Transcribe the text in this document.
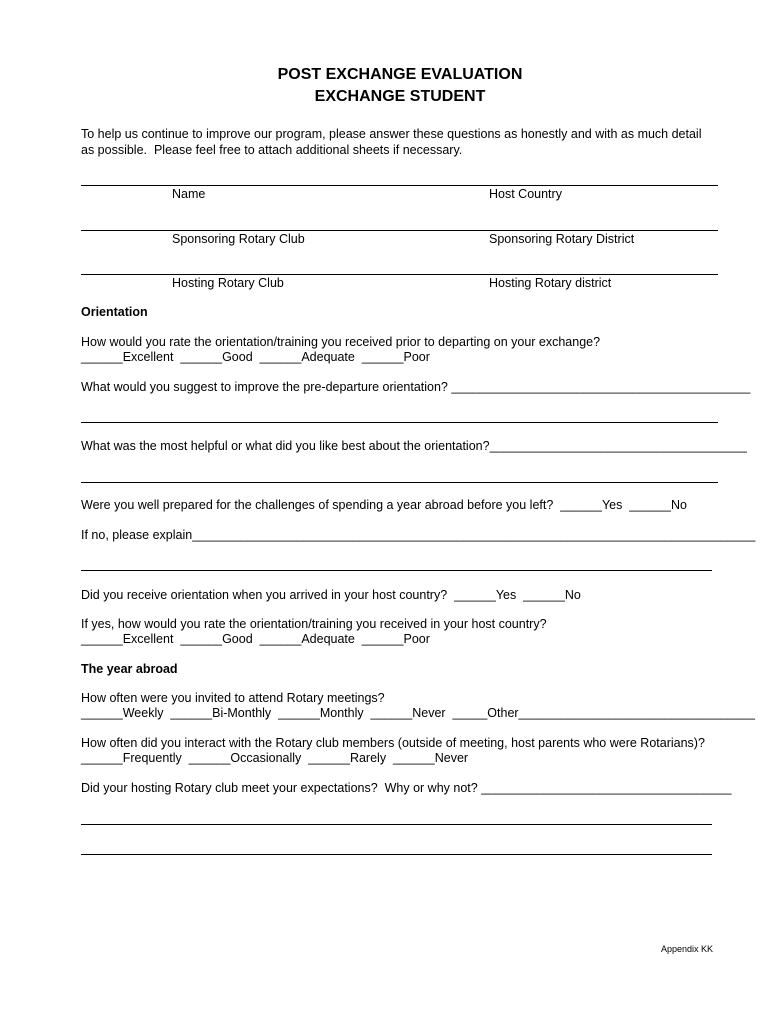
POST EXCHANGE EVALUATION
EXCHANGE STUDENT
To help us continue to improve our program, please answer these questions as honestly and with as much detail
as possible.  Please feel free to attach additional sheets if necessary.
Name	Host Country
Sponsoring Rotary Club	Sponsoring Rotary District
Hosting Rotary Club	Hosting Rotary district
Orientation
How would you rate the orientation/training you received prior to departing on your exchange?
______Excellent  ______Good  ______Adequate  ______Poor
What would you suggest to improve the pre-departure orientation? ___________________________________________
What was the most helpful or what did you like best about the orientation?_____________________________________
Were you well prepared for the challenges of spending a year abroad before you left?  ______Yes  ______No
If no, please explain_________________________________________________________________________________
Did you receive orientation when you arrived in your host country?  ______Yes  ______No
If yes, how would you rate the orientation/training you received in your host country?
______Excellent  ______Good  ______Adequate  ______Poor
The year abroad
How often were you invited to attend Rotary meetings?
______Weekly  ______Bi-Monthly  ______Monthly  ______Never  _____Other__________________________________
How often did you interact with the Rotary club members (outside of meeting, host parents who were Rotarians)?
______Frequently  ______Occasionally  ______Rarely  ______Never
Did your hosting Rotary club meet your expectations?  Why or why not? ____________________________________
Appendix KK
